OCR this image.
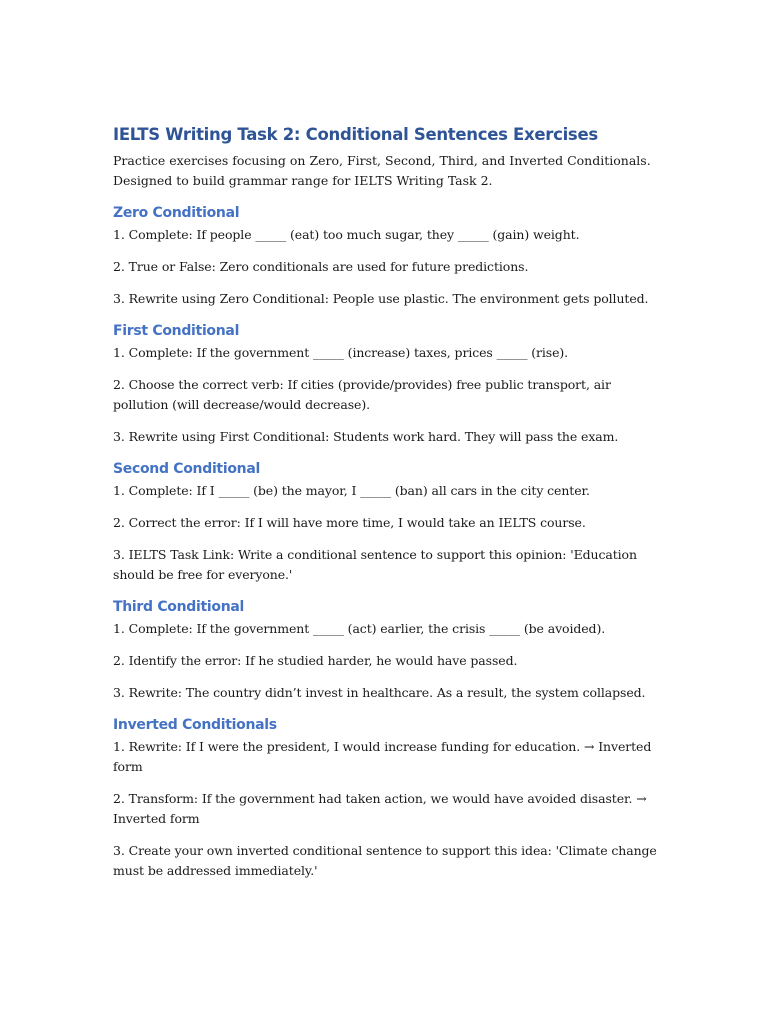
IELTS Writing Task 2: Conditional Sentences Exercises

Practice exercises focusing on Zero, First, Second, Third, and Inverted Conditionals.

Designed to build grammar range for IELTS Writing Task 2.

Zero Conditional

1. Complete: If people _____ (eat) too much sugar, they _____ (gain) weight.

2. True or False: Zero conditionals are used for future predictions.

3. Rewrite using Zero Conditional: People use plastic. The environment gets polluted.

First Conditional

1. Complete: If the government _____ (increase) taxes, prices _____ (rise).

2. Choose the correct verb: If cities (provide/provides) free public transport, air pollution (will decrease/would decrease).

3. Rewrite using First Conditional: Students work hard. They will pass the exam.

Second Conditional

1. Complete: If I _____ (be) the mayor, I _____ (ban) all cars in the city center.

2. Correct the error: If I will have more time, I would take an IELTS course.

3. IELTS Task Link: Write a conditional sentence to support this opinion: 'Education should be free for everyone.'

Third Conditional

1. Complete: If the government _____ (act) earlier, the crisis _____ (be avoided).

2. Identify the error: If he studied harder, he would have passed.

3. Rewrite: The country didn’t invest in healthcare. As a result, the system collapsed.

Inverted Conditionals

1. Rewrite: If I were the president, I would increase funding for education. → Inverted form

2. Transform: If the government had taken action, we would have avoided disaster. → Inverted form

3. Create your own inverted conditional sentence to support this idea: 'Climate change must be addressed immediately.'
